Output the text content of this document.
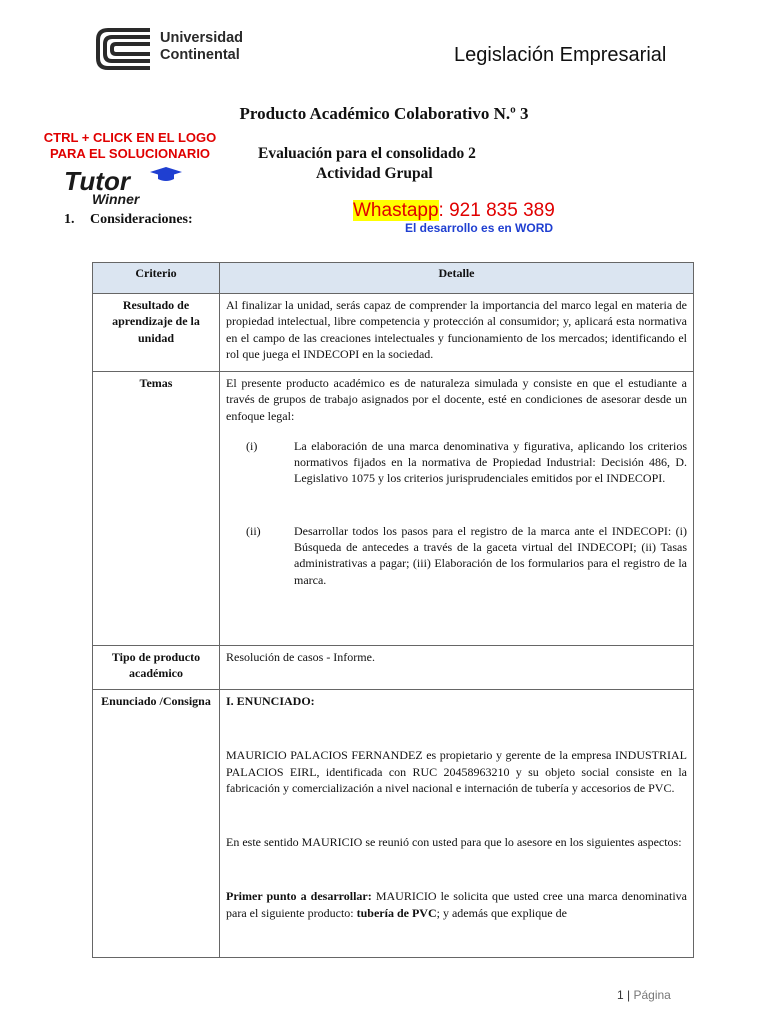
Universidad
Continental	Legislación Empresarial
Producto Académico Colaborativo N.º 3
CTRL + CLICK EN EL LOGO
PARA EL SOLUCIONARIO
Tutor
Winner
Evaluación para el consolidado 2
Actividad Grupal
1. Consideraciones:	Whastapp: 921 835 389
El desarrollo es en WORD
Criterio	Detalle
Resultado de aprendizaje de la unidad	Al finalizar la unidad, serás capaz de comprender la importancia del marco legal en materia de propiedad intelectual, libre competencia y protección al consumidor; y, aplicará esta normativa en el campo de las creaciones intelectuales y funcionamiento de los mercados; identificando el rol que juega el INDECOPI en la sociedad.
Temas	El presente producto académico es de naturaleza simulada y consiste en que el estudiante a través de grupos de trabajo asignados por el docente, esté en condiciones de asesorar desde un enfoque legal:

(i) La elaboración de una marca denominativa y figurativa, aplicando los criterios normativos fijados en la normativa de Propiedad Industrial: Decisión 486, D. Legislativo 1075 y los criterios jurisprudenciales emitidos por el INDECOPI.
(ii) Desarrollar todos los pasos para el registro de la marca ante el INDECOPI: (i) Búsqueda de antecedes a través de la gaceta virtual del INDECOPI; (ii) Tasas administrativas a pagar; (iii) Elaboración de los formularios para el registro de la marca.

Tipo de producto académico	Resolución de casos - Informe.
Enunciado /Consigna	I. ENUNCIADO:

MAURICIO PALACIOS FERNANDEZ es propietario y gerente de la empresa INDUSTRIAL PALACIOS EIRL, identificada con RUC 20458963210 y su objeto social consiste en la fabricación y comercialización a nivel nacional e internación de tubería y accesorios de PVC.

En este sentido MAURICIO se reunió con usted para que lo asesore en los siguientes aspectos:

Primer punto a desarrollar: MAURICIO le solicita que usted cree una marca denominativa para el siguiente producto: tubería de PVC; y además que explique de

1 | Página
